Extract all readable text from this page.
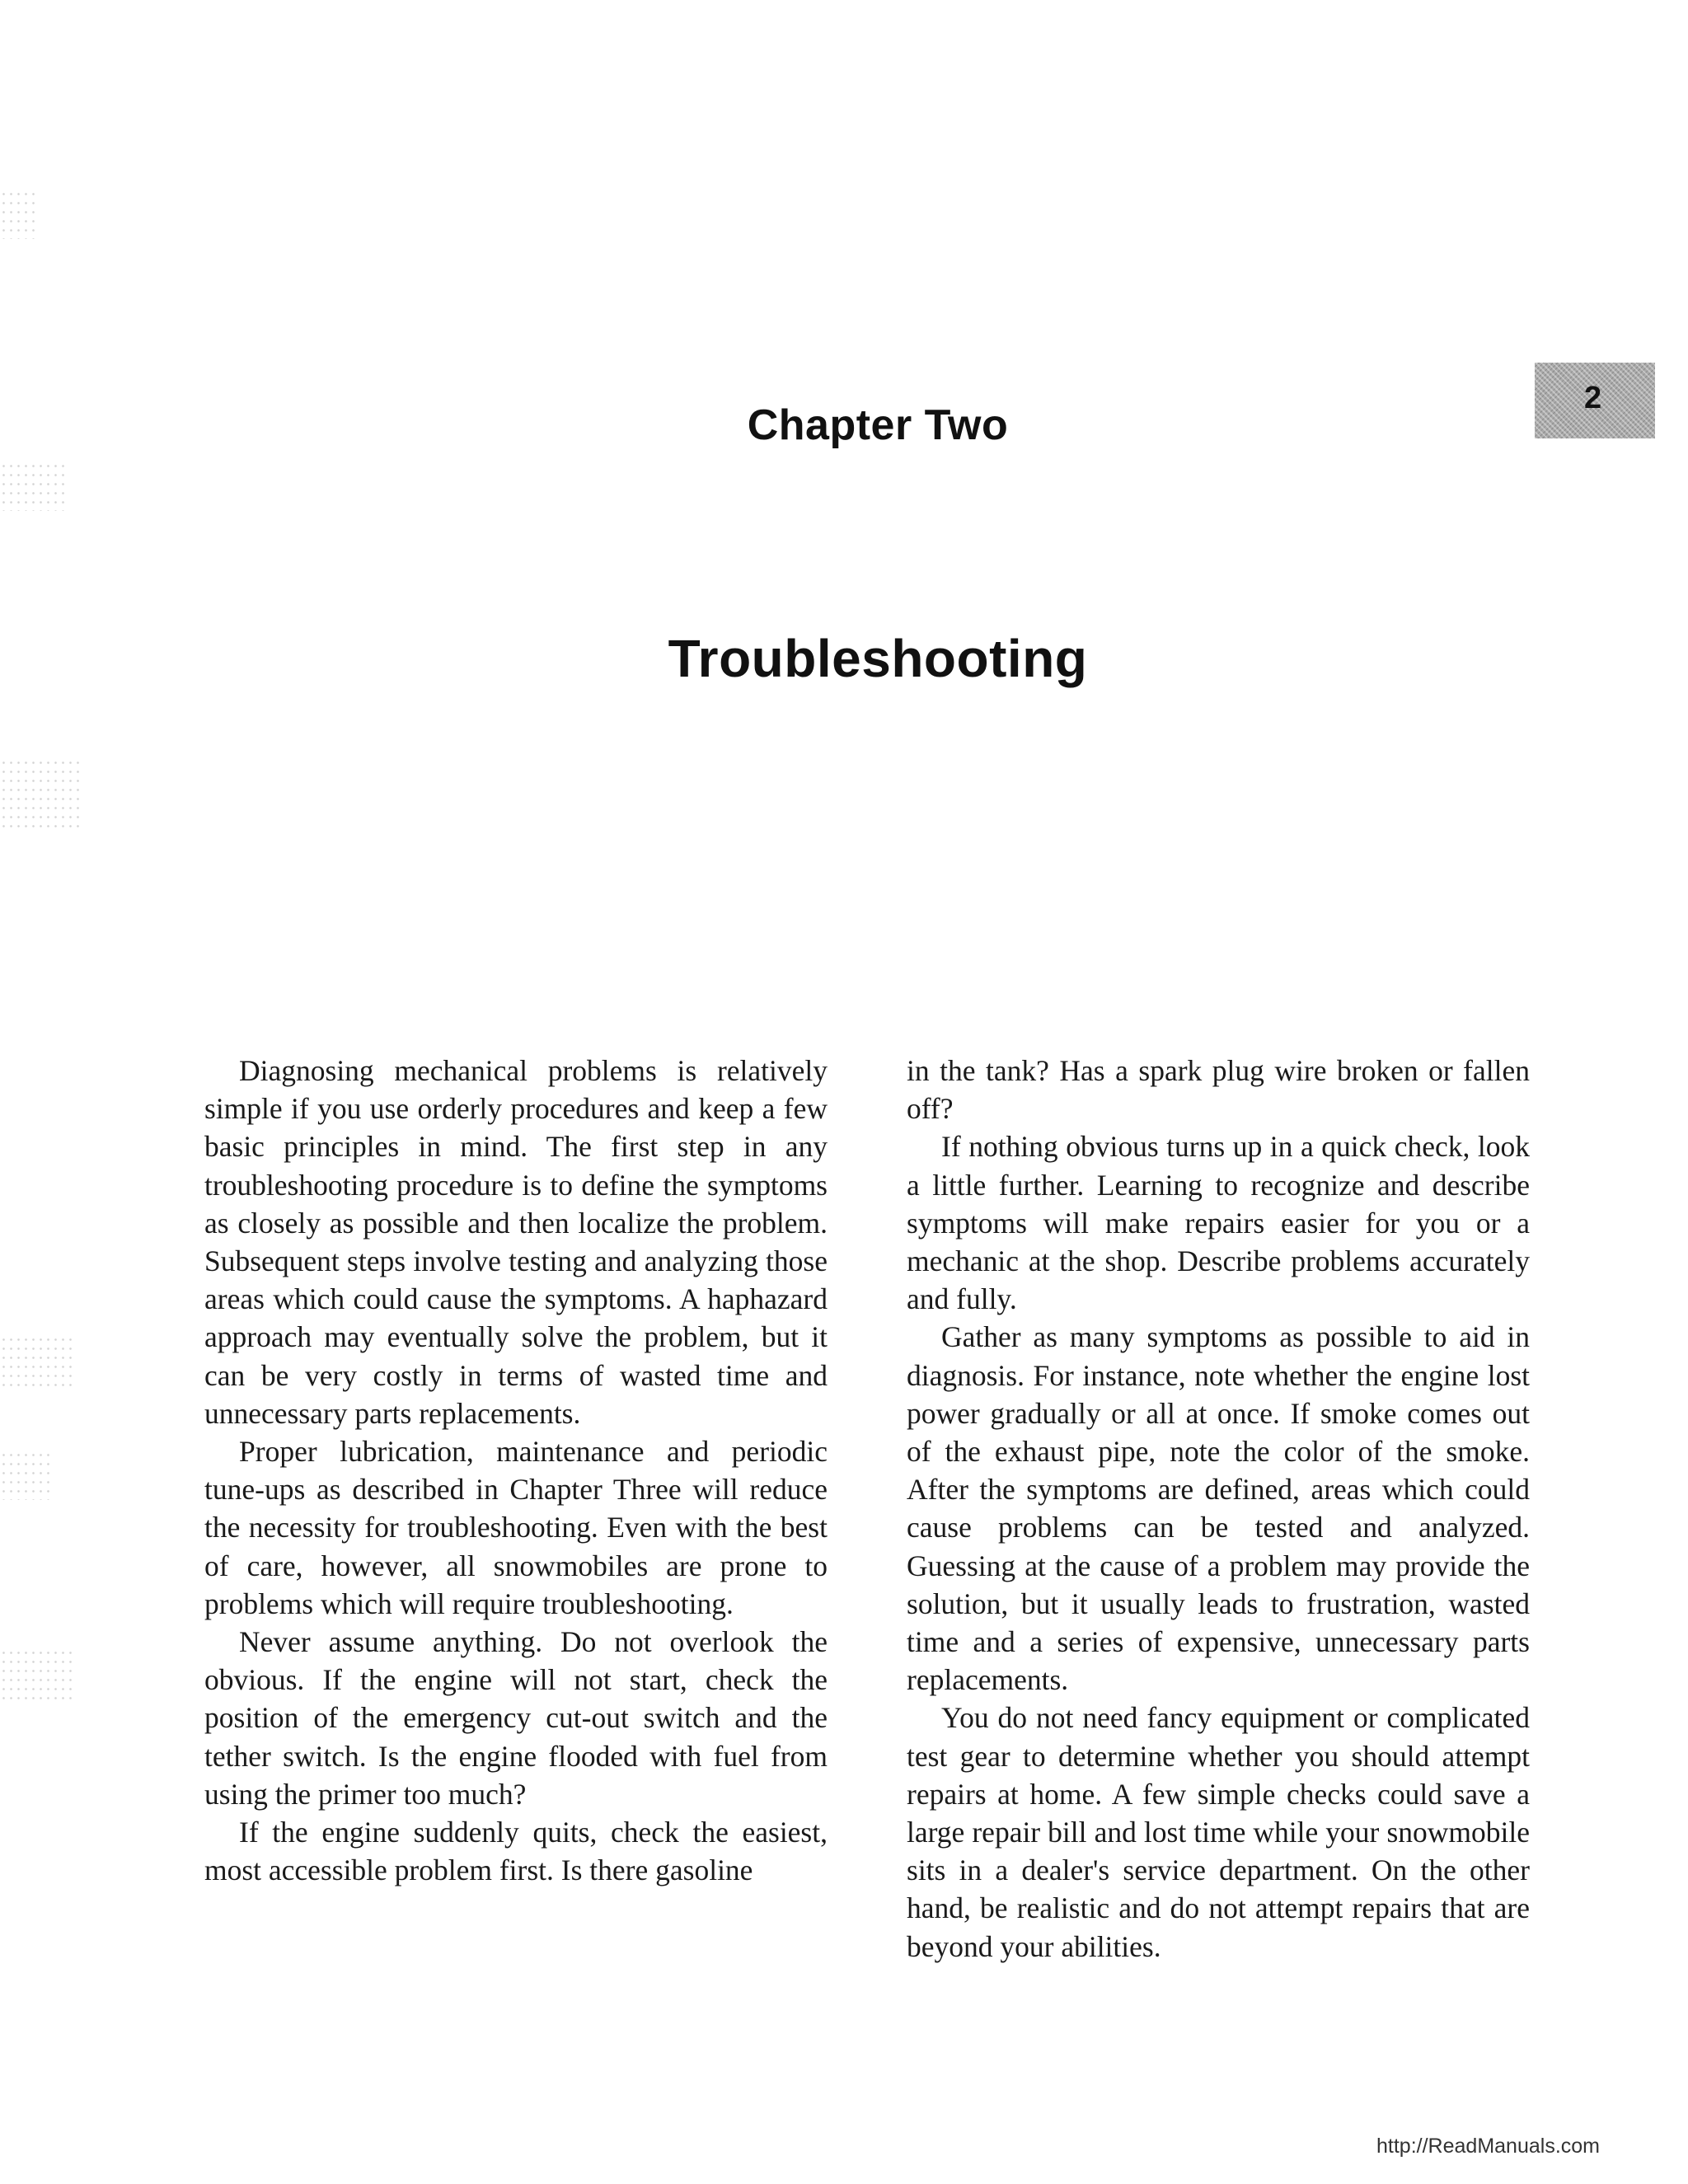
2
Chapter Two
Troubleshooting

Diagnosing mechanical problems is relatively simple if you use orderly procedures and keep a few basic principles in mind. The first step in any troubleshooting procedure is to define the symptoms as closely as possible and then localize the problem. Subsequent steps involve testing and analyzing those areas which could cause the symptoms. A haphazard approach may eventually solve the problem, but it can be very costly in terms of wasted time and unnecessary parts replacements.

Proper lubrication, maintenance and periodic tune-ups as described in Chapter Three will reduce the necessity for troubleshooting. Even with the best of care, however, all snowmobiles are prone to problems which will require troubleshooting.

Never assume anything. Do not overlook the obvious. If the engine will not start, check the position of the emergency cut-out switch and the tether switch. Is the engine flooded with fuel from using the primer too much?

If the engine suddenly quits, check the easiest, most accessible problem first. Is there gasoline

in the tank? Has a spark plug wire broken or fallen off?

If nothing obvious turns up in a quick check, look a little further. Learning to recognize and describe symptoms will make repairs easier for you or a mechanic at the shop. Describe problems accurately and fully.

Gather as many symptoms as possible to aid in diagnosis. For instance, note whether the engine lost power gradually or all at once. If smoke comes out of the exhaust pipe, note the color of the smoke. After the symptoms are defined, areas which could cause problems can be tested and analyzed. Guessing at the cause of a problem may provide the solution, but it usually leads to frustration, wasted time and a series of expensive, unnecessary parts replacements.

You do not need fancy equipment or complicated test gear to determine whether you should attempt repairs at home. A few simple checks could save a large repair bill and lost time while your snowmobile sits in a dealer's service department. On the other hand, be realistic and do not attempt repairs that are beyond your abilities.

http://ReadManuals.com
